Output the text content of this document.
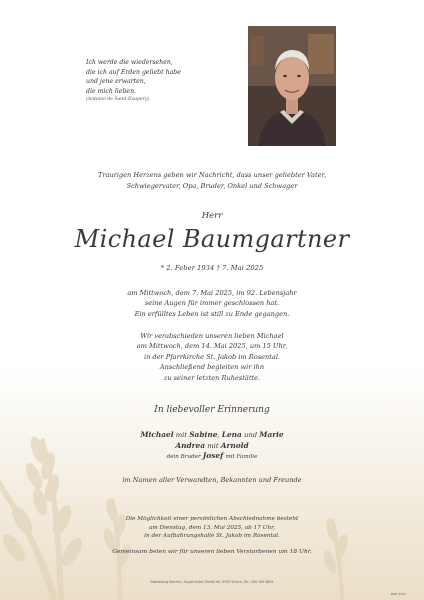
Ich werde die wiedersehen,
die ich auf Erden geliebt habe
und jene erwarten,
die mich lieben.
(Antoine de Saint-Exupery)
Traurigen Herzens geben wir Nachricht, dass unser geliebter Vater,
Schwiegervater, Opa, Bruder, Onkel und Schwager
Herr
Michael Baumgartner
* 2. Feber 1934 † 7. Mai 2025
am Mittwoch, dem 7. Mai 2025, im 92. Lebensjahr
seine Augen für immer geschlossen hat.
Ein erfülltes Leben ist still zu Ende gegangen.
Wir verabschieden unseren lieben Michael
am Mittwoch, dem 14. Mai 2025, um 15 Uhr,
in der Pfarrkirche St. Jakob im Rosental.
Anschließend begleiten wir ihn
zu seiner letzten Ruhestätte.
In liebevoller Erinnerung
Michael mit Sabine, Lena und Marie
Andrea mit Arnold
dein Bruder Josef mit Familie
im Namen aller Verwandten, Bekannten und Freunde
Die Möglichkeit einer persönlichen Abschiednahme besteht
am Dienstag, dem 13. Mai 2025, ab 17 Uhr,
in der Aufbahrungshalle St. Jakob im Rosental.
Gemeinsam beten wir für unseren lieben Verstorbenen um 18 Uhr.
Bestattung Kärnten, Klagenfurter Straße 60, 9500 Villach, Tel.: 050 199 6609
BOP 9221
